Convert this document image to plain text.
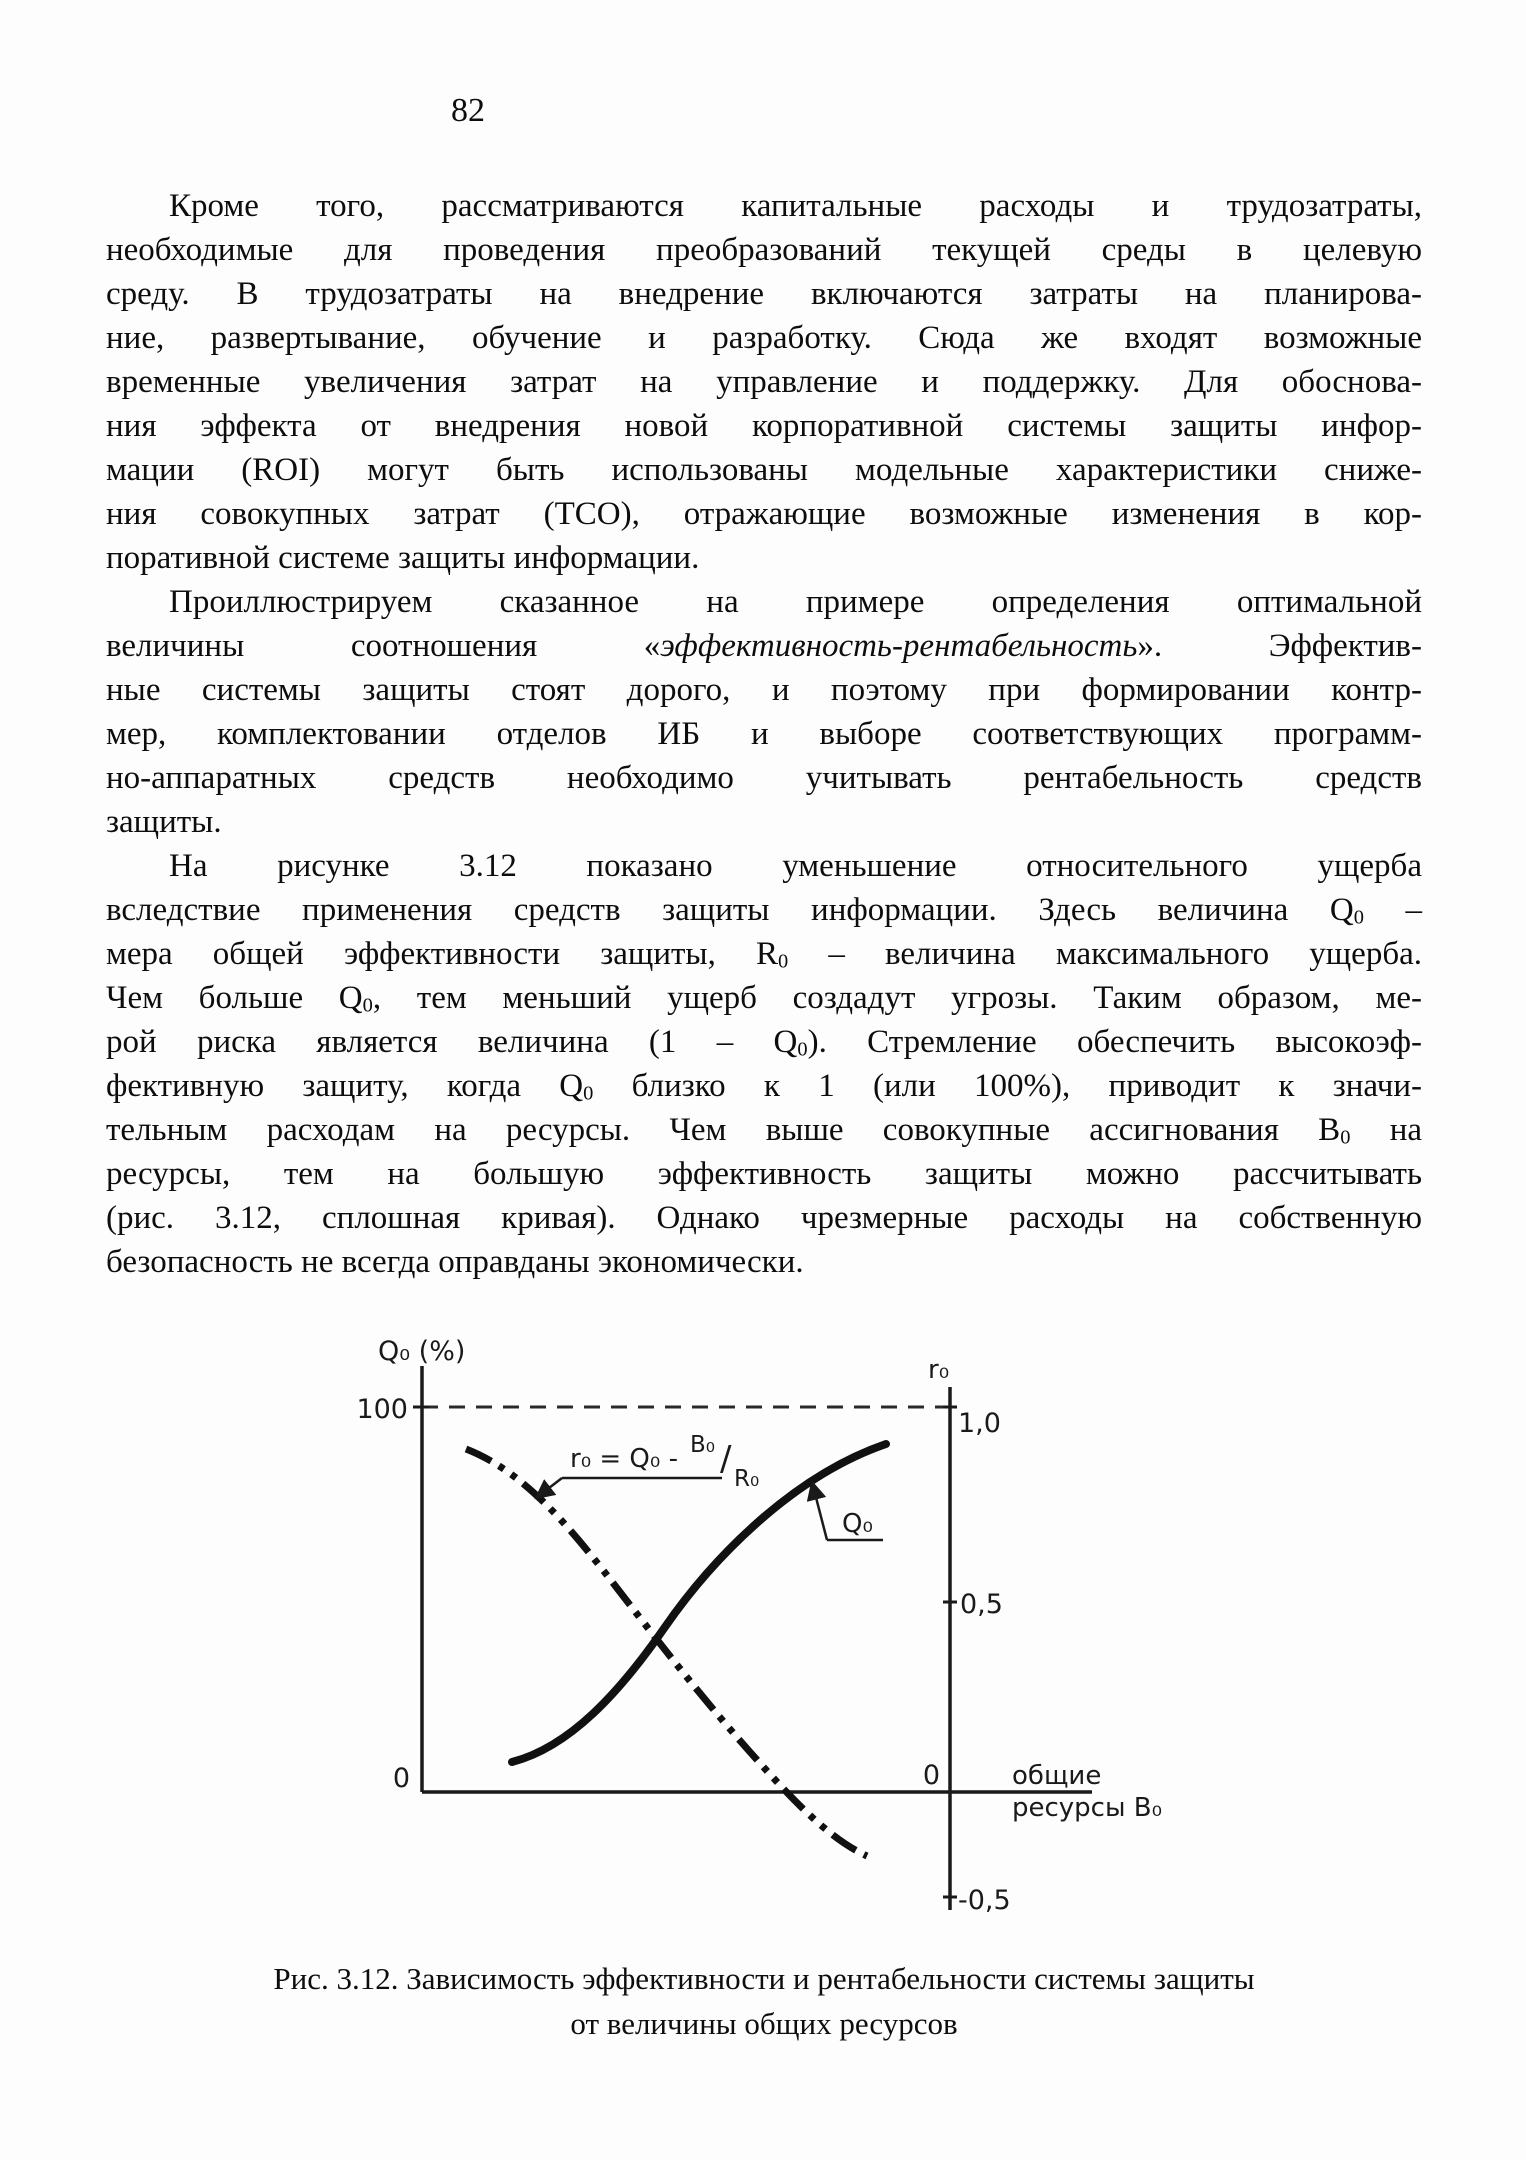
82
Кроме того, рассматриваются капитальные расходы и трудозатраты,
необходимые для проведения преобразований текущей среды в целевую
среду. В трудозатраты на внедрение включаются затраты на планирова-
ние, развертывание, обучение и разработку. Сюда же входят возможные
временные увеличения затрат на управление и поддержку. Для обоснова-
ния эффекта от внедрения новой корпоративной системы защиты инфор-
мации (ROI) могут быть использованы модельные характеристики сниже-
ния совокупных затрат (ТСО), отражающие возможные изменения в кор-
поративной системе защиты информации.
Проиллюстрируем сказанное на примере определения оптимальной
величины соотношения «эффективность-рентабельность». Эффектив-
ные системы защиты стоят дорого, и поэтому при формировании контр-
мер, комплектовании отделов ИБ и выборе соответствующих программ-
но-аппаратных средств необходимо учитывать рентабельность средств
защиты.
На рисунке 3.12 показано уменьшение относительного ущерба
вследствие применения средств защиты информации. Здесь величина $Q_0$ –
мера общей эффективности защиты, $R_0$ – величина максимального ущерба.
Чем больше $Q_0$, тем меньший ущерб создадут угрозы. Таким образом, ме-
рой риска является величина $(1 - Q_0)$. Стремление обеспечить высокоэф-
фективную защиту, когда $Q_0$ близко к 1 (или 100%), приводит к значи-
тельным расходам на ресурсы. Чем выше совокупные ассигнования $В_0$ на
ресурсы, тем на большую эффективность защиты можно рассчитывать
(рис. 3.12, сплошная кривая). Однако чрезмерные расходы на собственную
безопасность не всегда оправданы экономически.
Q₀ (%)
100
0
r₀
1,0
0,5
0
-0,5
общие
ресурсы В₀
r₀ = Q₀ - B₀ / R₀
Q₀
Рис. 3.12. Зависимость эффективности и рентабельности системы защиты
от величины общих ресурсов
